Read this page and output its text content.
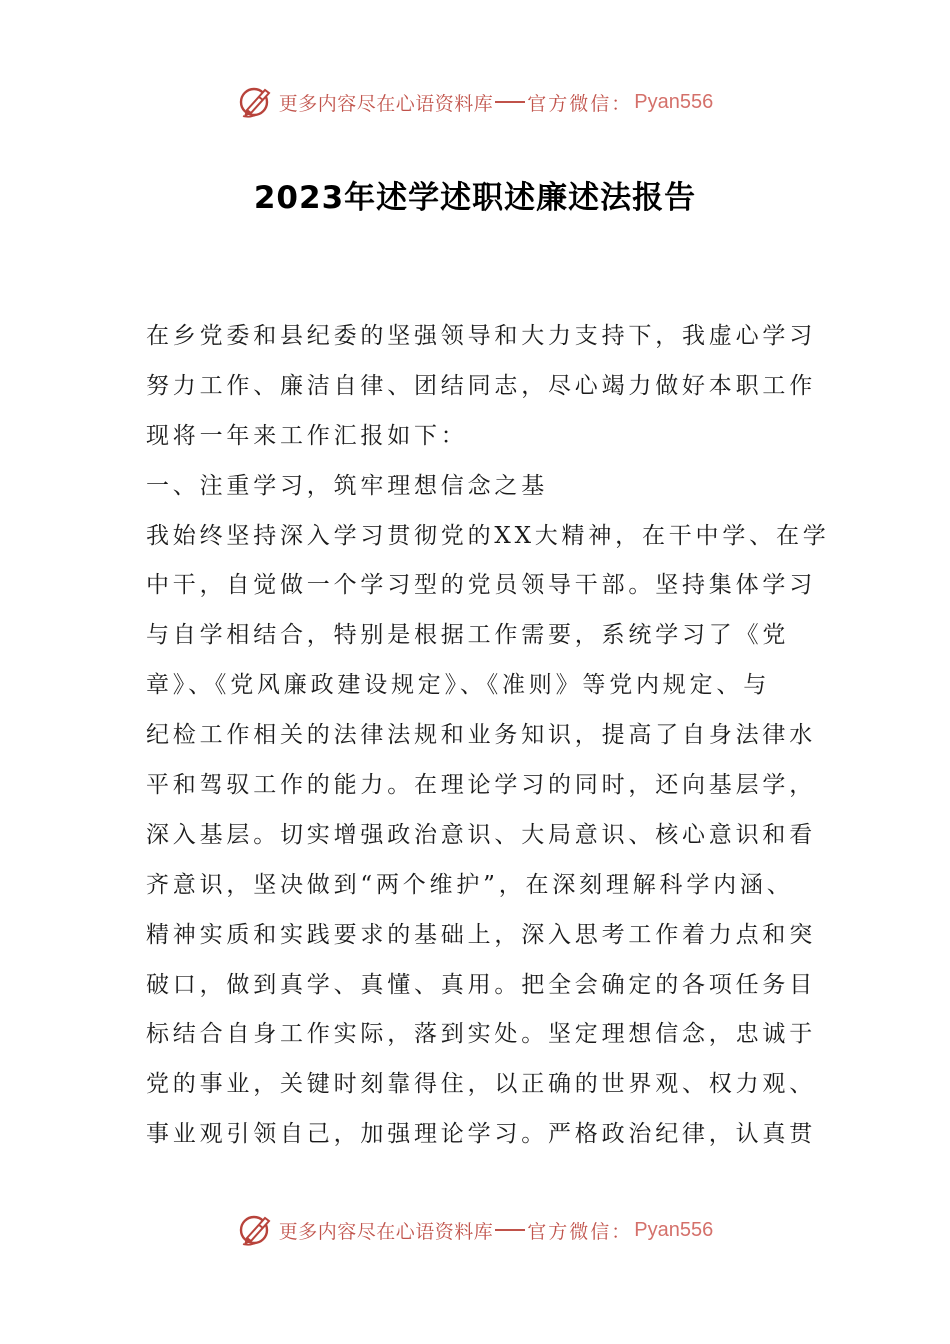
更多内容尽在心语资料库 官方微信： Pyan556
2023年述学述职述廉述法报告
在乡党委和县纪委的坚强领导和大力支持下，我虚心学习
努力工作、廉洁自律、团结同志，尽心竭力做好本职工作
现将一年来工作汇报如下：
一、注重学习，筑牢理想信念之基
我始终坚持深入学习贯彻党的XX大精神，在干中学、在学
中干，自觉做一个学习型的党员领导干部。坚持集体学习
与自学相结合，特别是根据工作需要，系统学习了《党
章》、《党风廉政建设规定》、《准则》等党内规定、与
纪检工作相关的法律法规和业务知识，提高了自身法律水
平和驾驭工作的能力。在理论学习的同时，还向基层学，
深入基层。切实增强政治意识、大局意识、核心意识和看
齐意识，坚决做到“两个维护”，在深刻理解科学内涵、
精神实质和实践要求的基础上，深入思考工作着力点和突
破口，做到真学、真懂、真用。把全会确定的各项任务目
标结合自身工作实际，落到实处。坚定理想信念，忠诚于
党的事业，关键时刻靠得住，以正确的世界观、权力观、
事业观引领自己，加强理论学习。严格政治纪律，认真贯
更多内容尽在心语资料库 官方微信： Pyan556
